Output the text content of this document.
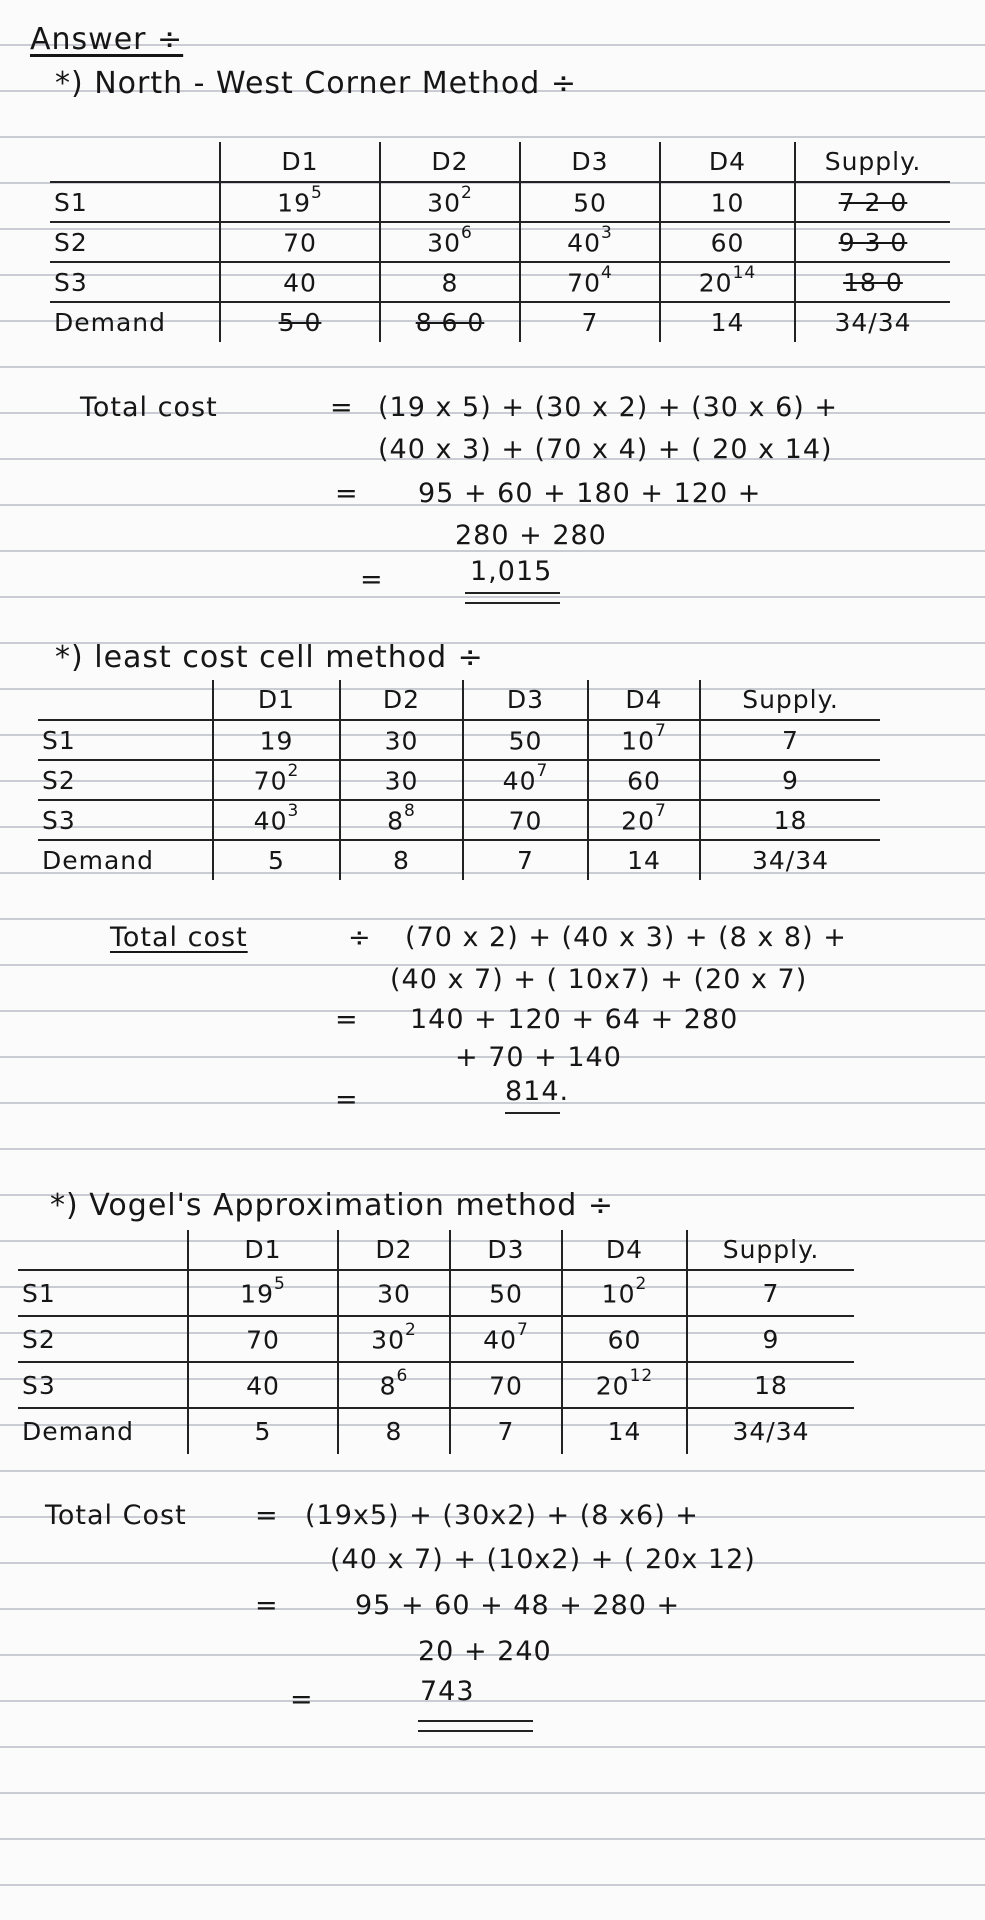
Answer ÷
*) North - West Corner Method ÷
	D1	D2	D3	D4	Supply.
S1	$19^5$	$30^2$	50	10	7 2 0
S2	70	$30^6$	$40^3$	60	9 3 0
S3	40	8	$70^4$	$20^{14}$	18 0
Demand	5 0	8 6 0	7	14	34/34
Total cost	= (19 x 5) + (30 x 2) + (30 x 6) +
(40 x 3) + (70 x 4) + ( 20 x 14)
= 95 + 60 + 180 + 120 +
280 + 280
=	1,015
*) least cost cell method ÷
	D1	D2	D3	D4	Supply.
S1	19	30	50	$10^7$	7
S2	$70^2$	30	$40^7$	60	9
S3	$40^3$	$8^8$	70	$20^7$	18
Demand	5	8	7	14	34/34
Total cost	÷ (70 x 2) + (40 x 3) + (8 x 8) +
(40 x 7) + ( 10x7) + (20 x 7)
= 140 + 120 + 64 + 280
+ 70 + 140
=	814.
*) Vogel's Approximation method ÷
	D1	D2	D3	D4	Supply.
S1	$19^5$	30	50	$10^2$	7
S2	70	$30^2$	$40^7$	60	9
S3	40	$8^6$	70	$20^{12}$	18
Demand	5	8	7	14	34/34
Total Cost	= (19x5) + (30x2) + (8 x6) +
(40 x 7) + (10x2) + ( 20x 12)
=	95 + 60 + 48 + 280 +
20 + 240
=	743
